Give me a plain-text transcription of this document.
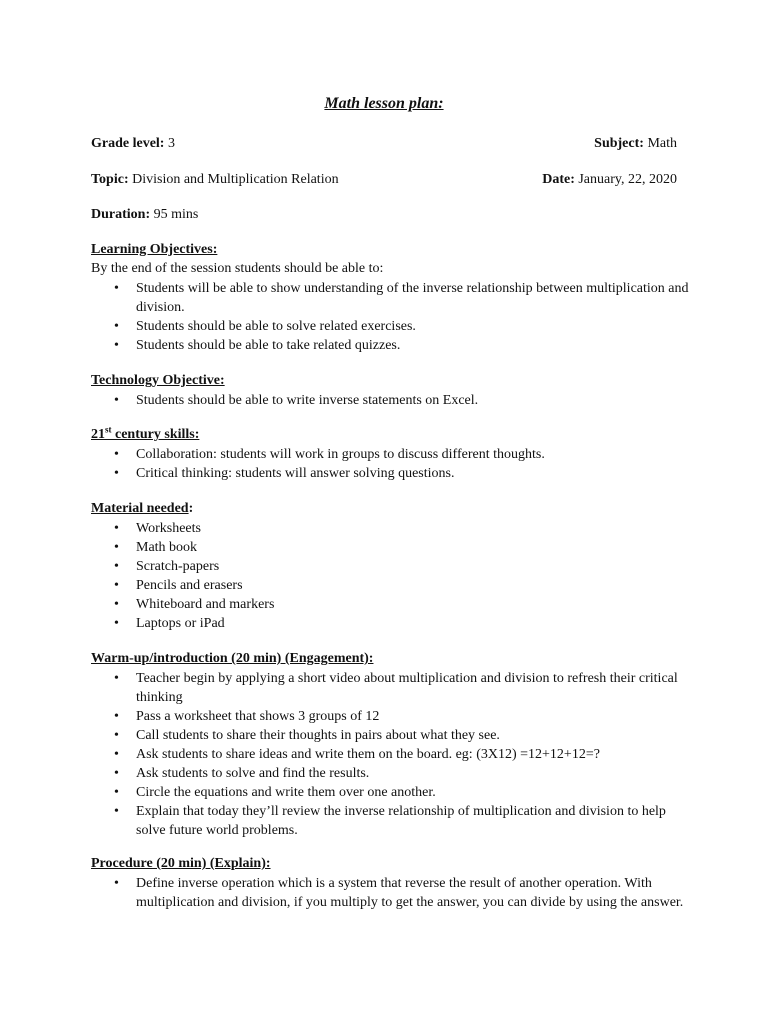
Math lesson plan:
Grade level: 3	Subject: Math
Topic: Division and Multiplication Relation	Date: January, 22, 2020
Duration: 95 mins
Learning Objectives:
By the end of the session students should be able to:
• Students will be able to show understanding of the inverse relationship between multiplication and division.
• Students should be able to solve related exercises.
• Students should be able to take related quizzes.
Technology Objective:
• Students should be able to write inverse statements on Excel.
21st century skills:
• Collaboration: students will work in groups to discuss different thoughts.
• Critical thinking: students will answer solving questions.
Material needed:
• Worksheets
• Math book
• Scratch-papers
• Pencils and erasers
• Whiteboard and markers
• Laptops or iPad
Warm-up/introduction (20 min) (Engagement):
• Teacher begin by applying a short video about multiplication and division to refresh their critical thinking
• Pass a worksheet that shows 3 groups of 12
• Call students to share their thoughts in pairs about what they see.
• Ask students to share ideas and write them on the board. eg: (3X12) =12+12+12=?
• Ask students to solve and find the results.
• Circle the equations and write them over one another.
• Explain that today they’ll review the inverse relationship of multiplication and division to help solve future world problems.
Procedure (20 min) (Explain):
• Define inverse operation which is a system that reverse the result of another operation. With multiplication and division, if you multiply to get the answer, you can divide by using the answer.
